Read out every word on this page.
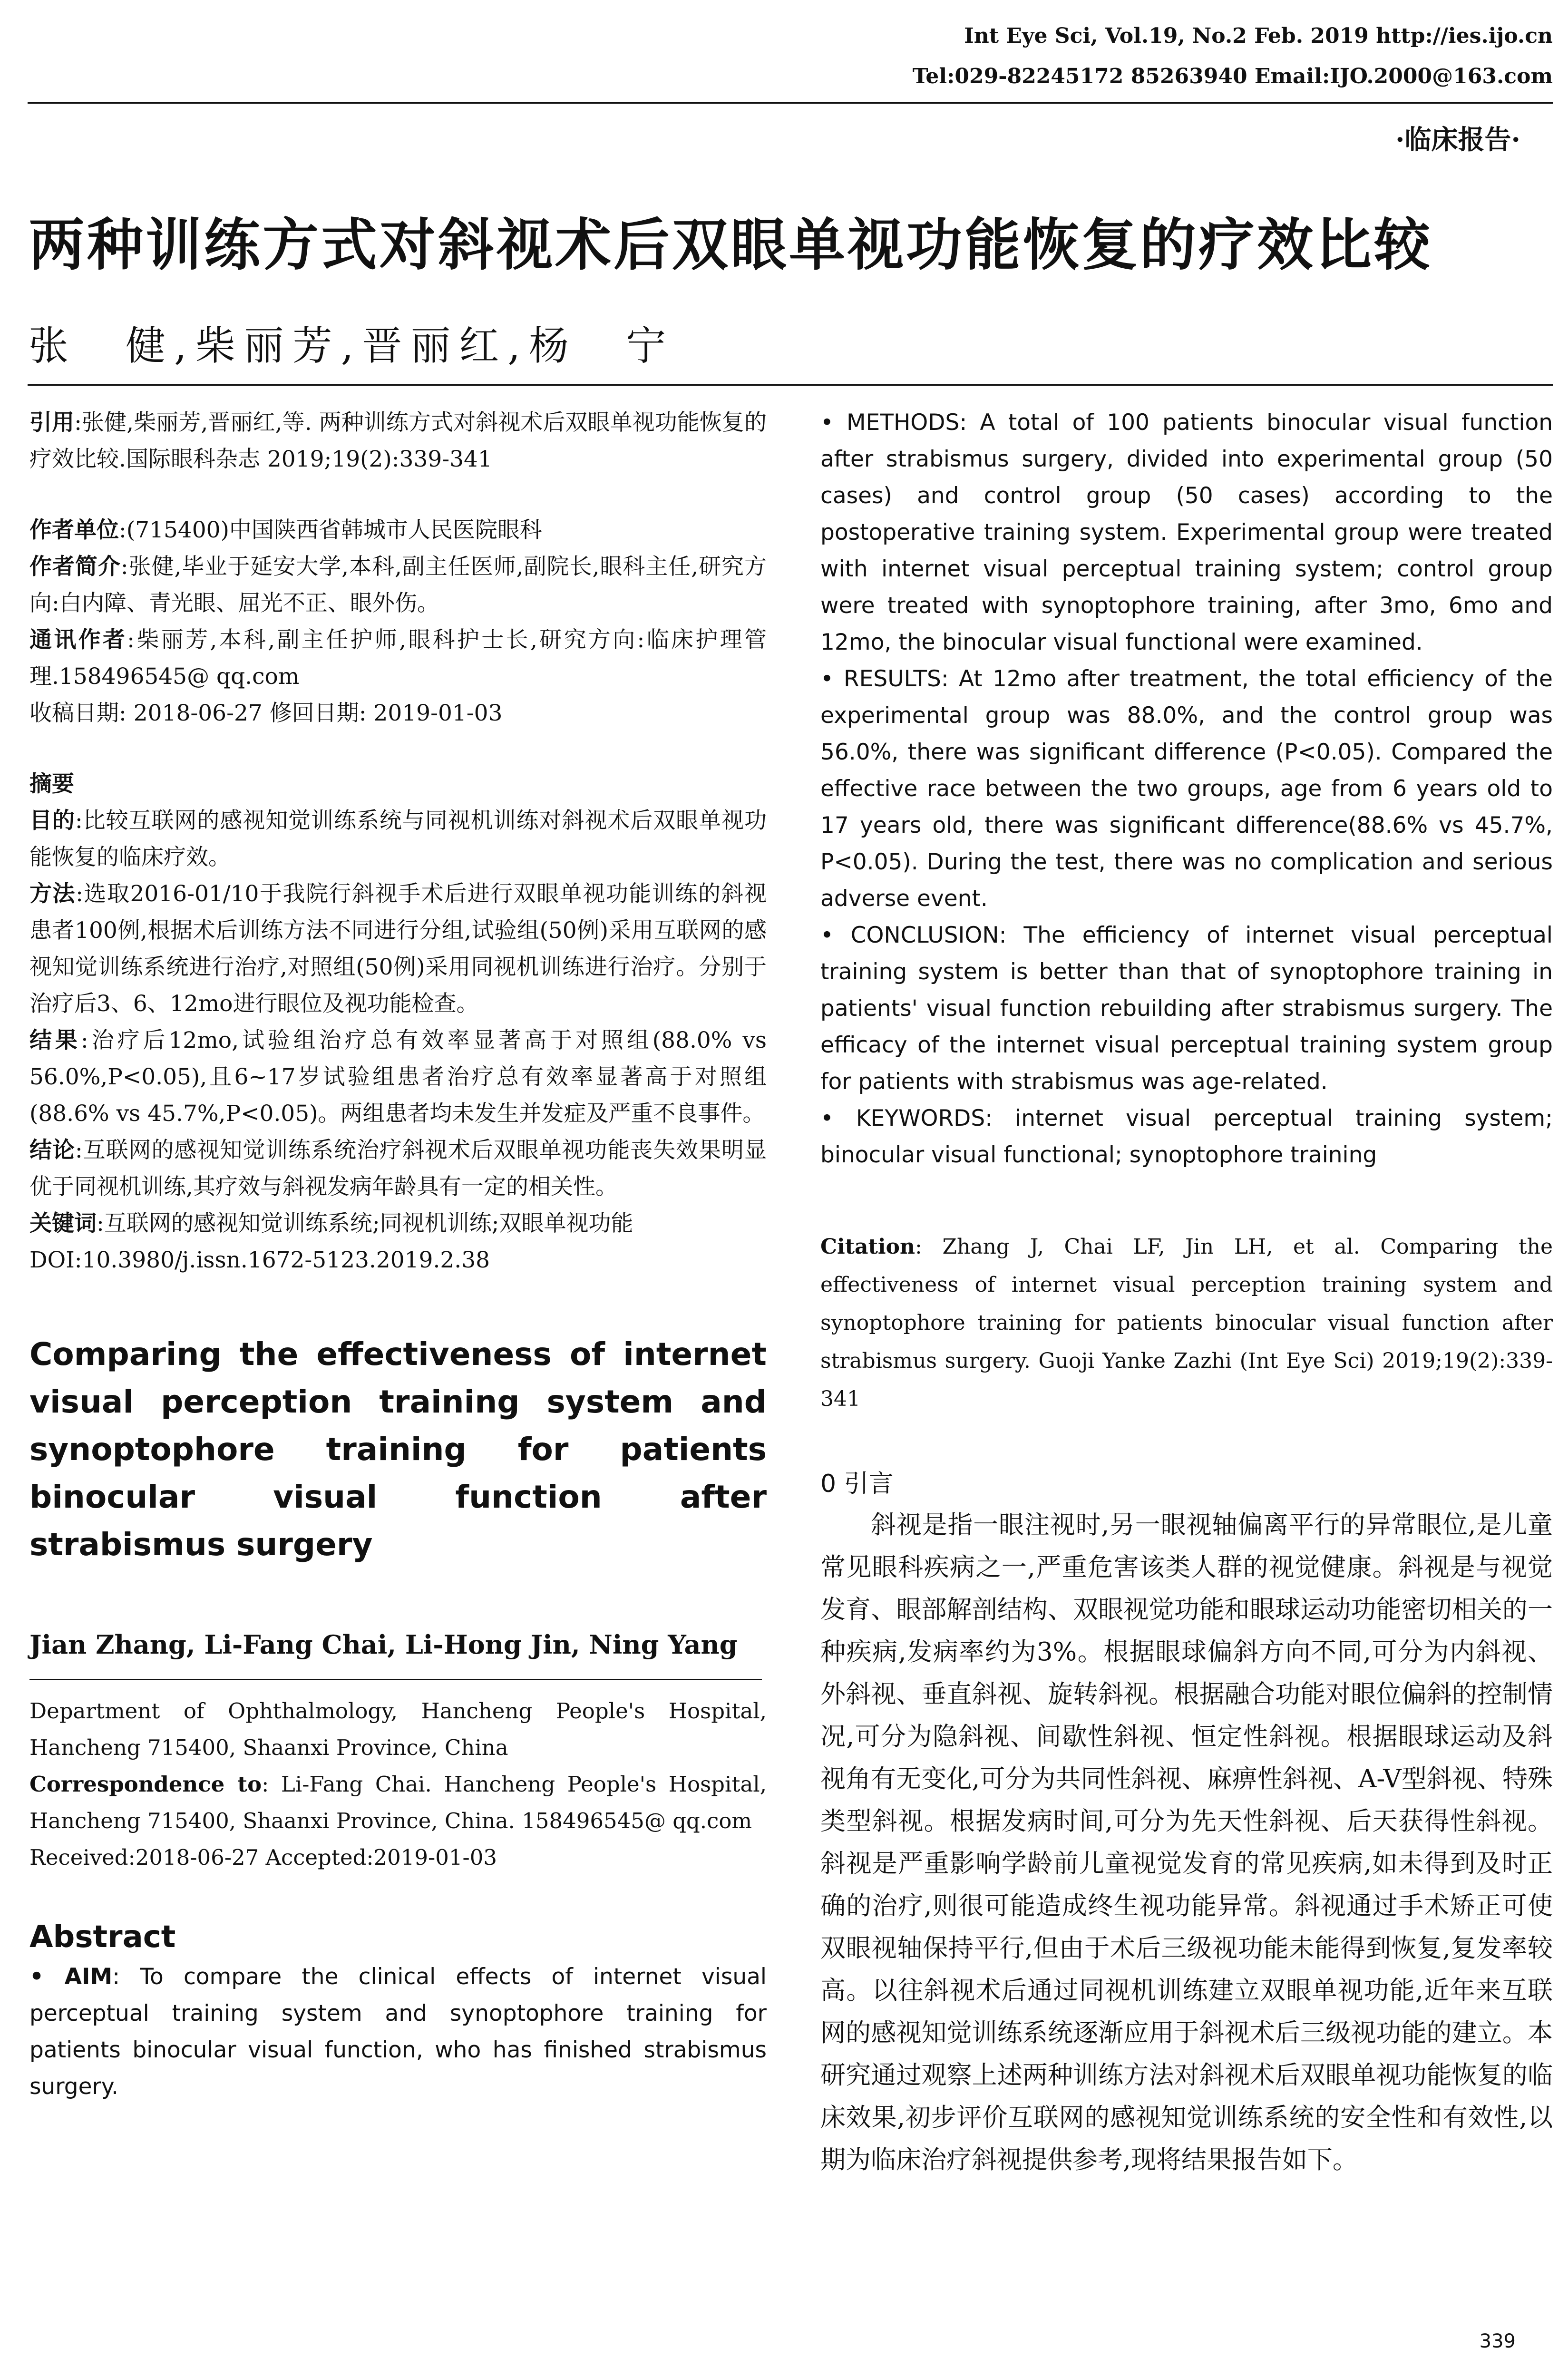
Int Eye Sci, Vol.19, No.2 Feb. 2019 http://ies.ijo.cn
Tel:029-82245172 85263940 Email:IJO.2000@163.com
·临床报告·
两种训练方式对斜视术后双眼单视功能恢复的疗效比较
张　健,柴丽芳,晋丽红,杨　宁

引用:张健,柴丽芳,晋丽红,等. 两种训练方式对斜视术后双眼单视功能恢复的疗效比较.国际眼科杂志 2019;19(2):339-341

作者单位:(715400)中国陕西省韩城市人民医院眼科

作者简介:张健,毕业于延安大学,本科,副主任医师,副院长,眼科主任,研究方向:白内障、青光眼、屈光不正、眼外伤。

通讯作者:柴丽芳,本科,副主任护师,眼科护士长,研究方向:临床护理管理.158496545@ qq.com

收稿日期: 2018-06-27 修回日期: 2019-01-03

摘要

目的:比较互联网的感视知觉训练系统与同视机训练对斜视术后双眼单视功能恢复的临床疗效。

方法:选取2016-01/10于我院行斜视手术后进行双眼单视功能训练的斜视患者100例,根据术后训练方法不同进行分组,试验组(50例)采用互联网的感视知觉训练系统进行治疗,对照组(50例)采用同视机训练进行治疗。分别于治疗后3、6、12mo进行眼位及视功能检查。

结果:治疗后12mo,试验组治疗总有效率显著高于对照组(88.0% vs 56.0%,P<0.05),且6~17岁试验组患者治疗总有效率显著高于对照组(88.6% vs 45.7%,P<0.05)。两组患者均未发生并发症及严重不良事件。

结论:互联网的感视知觉训练系统治疗斜视术后双眼单视功能丧失效果明显优于同视机训练,其疗效与斜视发病年龄具有一定的相关性。

关键词:互联网的感视知觉训练系统;同视机训练;双眼单视功能

DOI:10.3980/j.issn.1672-5123.2019.2.38

Comparing the effectiveness of internet visual perception training system and synoptophore training for patients binocular visual function after strabismus surgery
Jian Zhang, Li-Fang Chai, Li-Hong Jin, Ning Yang

Department of Ophthalmology, Hancheng People's Hospital, Hancheng 715400, Shaanxi Province, China

Correspondence to: Li-Fang Chai. Hancheng People's Hospital, Hancheng 715400, Shaanxi Province, China. 158496545@ qq.com

Received:2018-06-27 Accepted:2019-01-03

Abstract

• AIM: To compare the clinical effects of internet visual perceptual training system and synoptophore training for patients binocular visual function, who has finished strabismus surgery.

• METHODS: A total of 100 patients binocular visual function after strabismus surgery, divided into experimental group (50 cases) and control group (50 cases) according to the postoperative training system. Experimental group were treated with internet visual perceptual training system; control group were treated with synoptophore training, after 3mo, 6mo and 12mo, the binocular visual functional were examined.

• RESULTS: At 12mo after treatment, the total efficiency of the experimental group was 88.0%, and the control group was 56.0%, there was significant difference (P<0.05). Compared the effective race between the two groups, age from 6 years old to 17 years old, there was significant difference(88.6% vs 45.7%, P<0.05). During the test, there was no complication and serious adverse event.

• CONCLUSION: The efficiency of internet visual perceptual training system is better than that of synoptophore training in patients' visual function rebuilding after strabismus surgery. The efficacy of the internet visual perceptual training system group for patients with strabismus was age-related.

• KEYWORDS: internet visual perceptual training system; binocular visual functional; synoptophore training

Citation: Zhang J, Chai LF, Jin LH, et al. Comparing the effectiveness of internet visual perception training system and synoptophore training for patients binocular visual function after strabismus surgery. Guoji Yanke Zazhi (Int Eye Sci) 2019;19(2):339-341
0 引言
斜视是指一眼注视时,另一眼视轴偏离平行的异常眼位,是儿童常见眼科疾病之一,严重危害该类人群的视觉健康。斜视是与视觉发育、眼部解剖结构、双眼视觉功能和眼球运动功能密切相关的一种疾病,发病率约为3%。根据眼球偏斜方向不同,可分为内斜视、外斜视、垂直斜视、旋转斜视。根据融合功能对眼位偏斜的控制情况,可分为隐斜视、间歇性斜视、恒定性斜视。根据眼球运动及斜视角有无变化,可分为共同性斜视、麻痹性斜视、A-V型斜视、特殊类型斜视。根据发病时间,可分为先天性斜视、后天获得性斜视。斜视是严重影响学龄前儿童视觉发育的常见疾病,如未得到及时正确的治疗,则很可能造成终生视功能异常。斜视通过手术矫正可使双眼视轴保持平行,但由于术后三级视功能未能得到恢复,复发率较高。以往斜视术后通过同视机训练建立双眼单视功能,近年来互联网的感视知觉训练系统逐渐应用于斜视术后三级视功能的建立。本研究通过观察上述两种训练方法对斜视术后双眼单视功能恢复的临床效果,初步评价互联网的感视知觉训练系统的安全性和有效性,以期为临床治疗斜视提供参考,现将结果报告如下。
339
